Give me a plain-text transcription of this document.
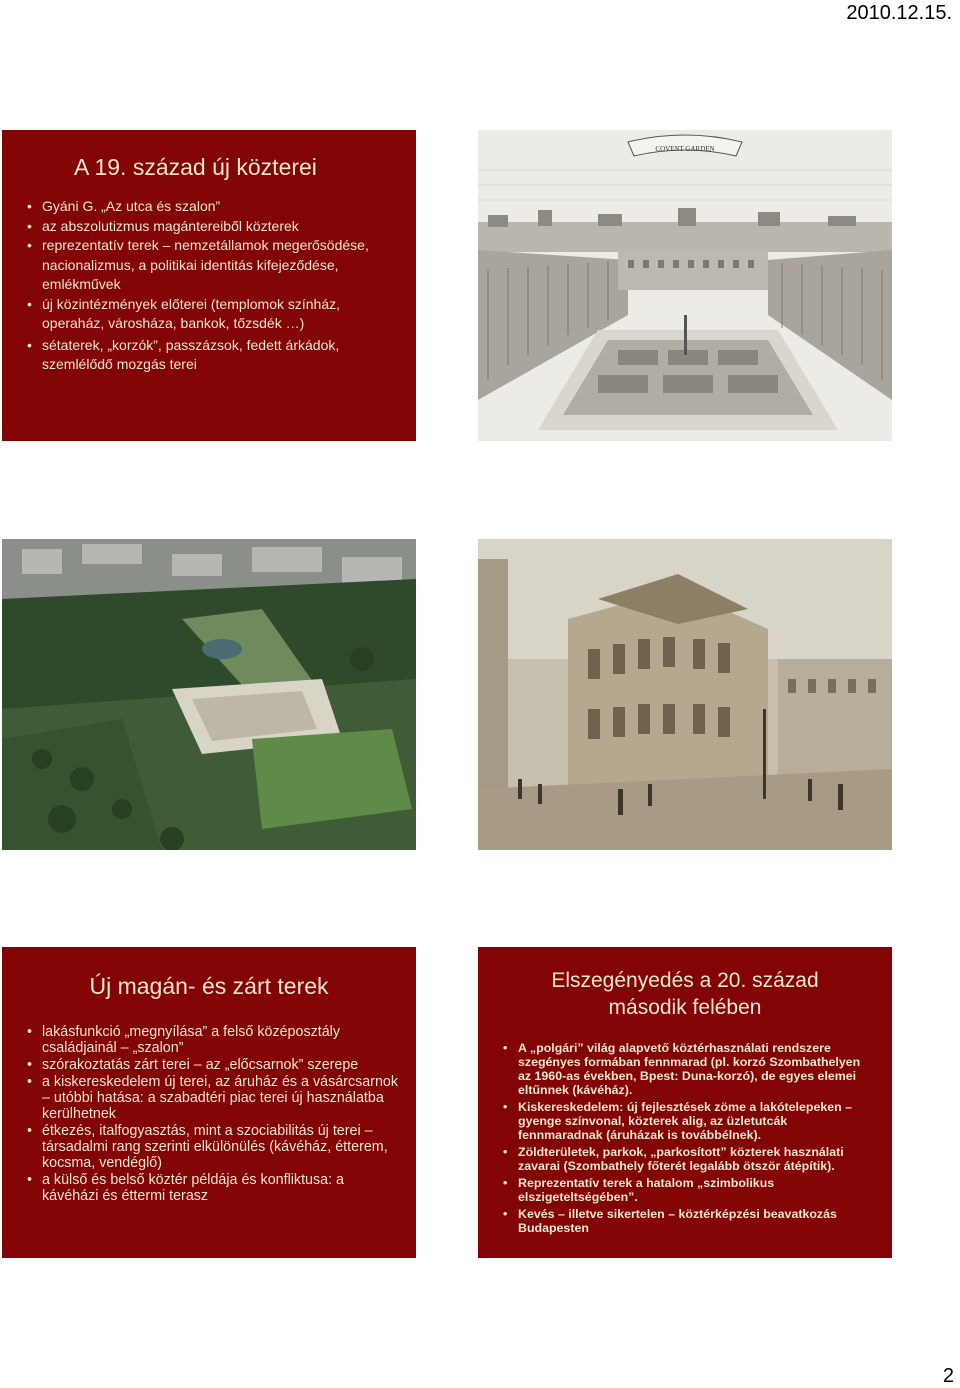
2010.12.15.
A 19. század új közterei
• Gyáni G. „Az utca és szalon”
• az abszolutizmus magántereiből közterek
• reprezentatív terek – nemzetállamok megerősödése, nacionalizmus, a politikai identitás kifejeződése, emlékművek
• új közintézmények előterei (templomok színház, operaház, városháza, bankok, tőzsdék …)
• sétaterek, „korzók”, passzázsok, fedett árkádok, szemlélődő mozgás terei
COVENT GARDEN
Új magán- és zárt terek
• lakásfunkció „megnyílása” a felső középosztály családjainál – „szalon”
• szórakoztatás zárt terei – az „előcsarnok” szerepe
• a kiskereskedelem új terei, az áruház és a vásárcsarnok – utóbbi hatása: a szabadtéri piac terei új használatba kerülhetnek
• étkezés, italfogyasztás, mint a szociabilitás új terei – társadalmi rang szerinti elkülönülés (kávéház, étterem, kocsma, vendéglő)
• a külső és belső köztér példája és konfliktusa: a kávéházi és éttermi terasz
Elszegényedés a 20. század
második felében
• A „polgári” világ alapvető köztérhasználati rendszere szegényes formában fennmarad (pl. korzó Szombathelyen az 1960-as években, Bpest: Duna-korzó), de egyes elemei eltűnnek (kávéház).
• Kiskereskedelem: új fejlesztések zöme a lakótelepeken – gyenge színvonal, közterek alig, az üzletutcák fennmaradnak (áruházak is továbbélnek).
• Zöldterületek, parkok, „parkosított” közterek használati zavarai (Szombathely főterét legalább ötször átépítik).
• Reprezentatív terek a hatalom „szimbolikus elszigeteltségében”.
• Kevés – illetve sikertelen – köztérképzési beavatkozás Budapesten
2
